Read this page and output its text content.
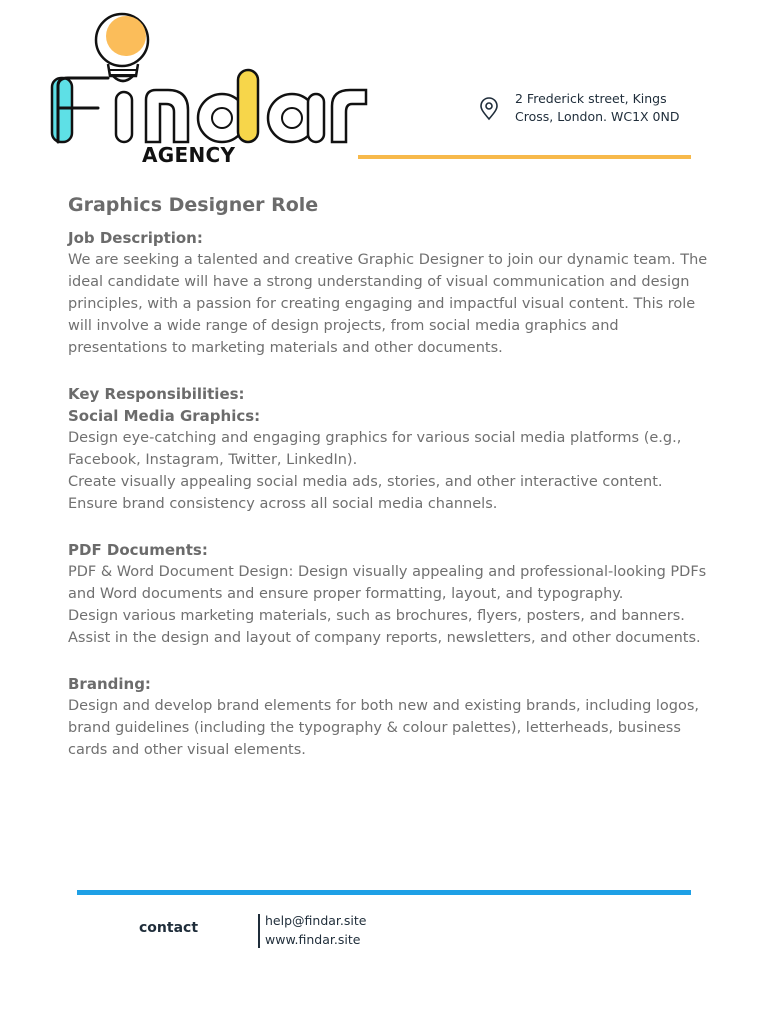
AGENCY
2 Frederick street, Kings
Cross, London. WC1X 0ND
Graphics Designer Role
Job Description:
We are seeking a talented and creative Graphic Designer to join our dynamic team. The ideal candidate will have a strong understanding of visual communication and design principles, with a passion for creating engaging and impactful visual content. This role will involve a wide range of design projects, from social media graphics and presentations to marketing materials and other documents.
Key Responsibilities:
Social Media Graphics:
Design eye-catching and engaging graphics for various social media platforms (e.g., Facebook, Instagram, Twitter, LinkedIn).
Create visually appealing social media ads, stories, and other interactive content.
Ensure brand consistency across all social media channels.
PDF Documents:
PDF & Word Document Design: Design visually appealing and professional-looking PDFs and Word documents and ensure proper formatting, layout, and typography.
Design various marketing materials, such as brochures, flyers, posters, and banners.
Assist in the design and layout of company reports, newsletters, and other documents.
Branding:
Design and develop brand elements for both new and existing brands, including logos, brand guidelines (including the typography & colour palettes), letterheads, business cards and other visual elements.
contact	help@findar.site
www.findar.site
